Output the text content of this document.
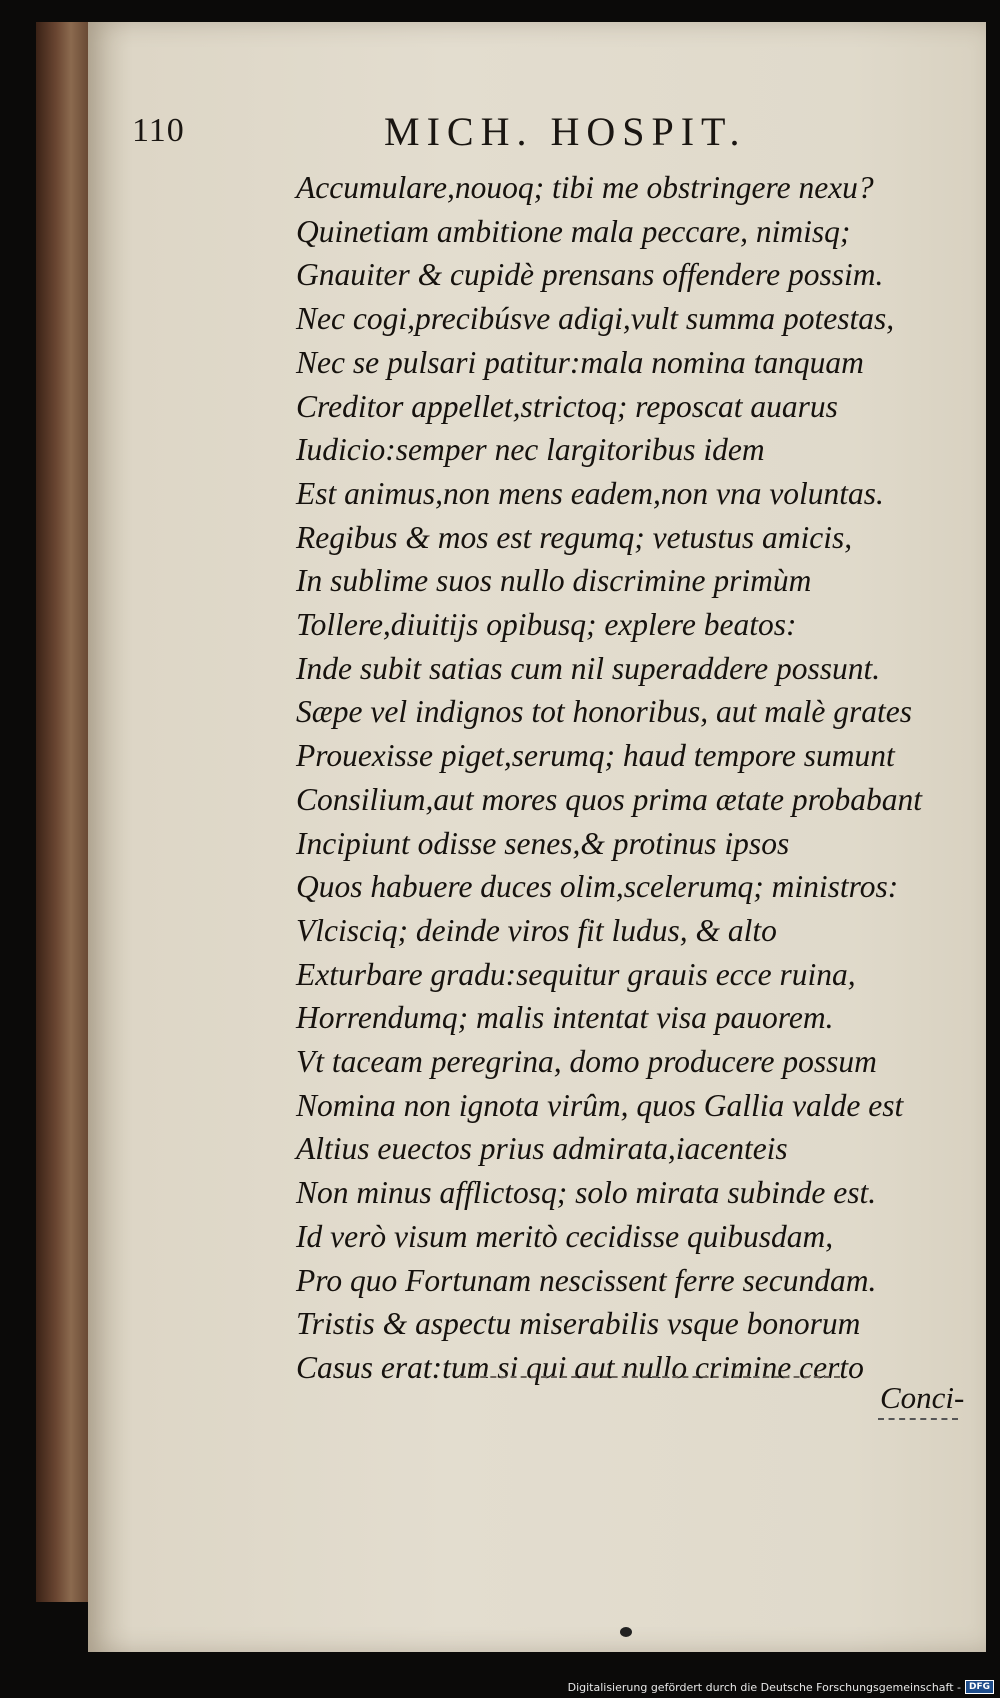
110	MICH. HOSPIT.
Accumulare,nouoq; tibi me obstringere nexu?
Quinetiam ambitione mala peccare, nimisq;
Gnauiter & cupidè prensans offendere possim.
Nec cogi,precibúsve adigi,vult summa potestas,
Nec se pulsari patitur:mala nomina tanquam
Creditor appellet,strictoq; reposcat auarus
Iudicio:semper nec largitoribus idem
Est animus,non mens eadem,non vna voluntas.
Regibus & mos est regumq; vetustus amicis,
In sublime suos nullo discrimine primùm
Tollere,diuitijs opibusq; explere beatos:
Inde subit satias cum nil superaddere possunt.
Sæpe vel indignos tot honoribus, aut malè grates
Prouexisse piget,serumq; haud tempore sumunt
Consilium,aut mores quos prima ætate probabant
Incipiunt odisse senes,& protinus ipsos
Quos habuere duces olim,scelerumq; ministros:
Vlcisciq; deinde viros fit ludus, & alto
Exturbare gradu:sequitur grauis ecce ruina,
Horrendumq; malis intentat visa pauorem.
Vt taceam peregrina, domo producere possum
Nomina non ignota virûm, quos Gallia valde est
Altius euectos prius admirata,iacenteis
Non minus afflictosq; solo mirata subinde est.
Id verò visum meritò cecidisse quibusdam,
Pro quo Fortunam nescissent ferre secundam.
Tristis & aspectu miserabilis vsque bonorum
Casus erat:tum si qui aut nullo crimine certo
Conci-
Digitalisierung gefördert durch die Deutsche Forschungsgemeinschaft - DFG
